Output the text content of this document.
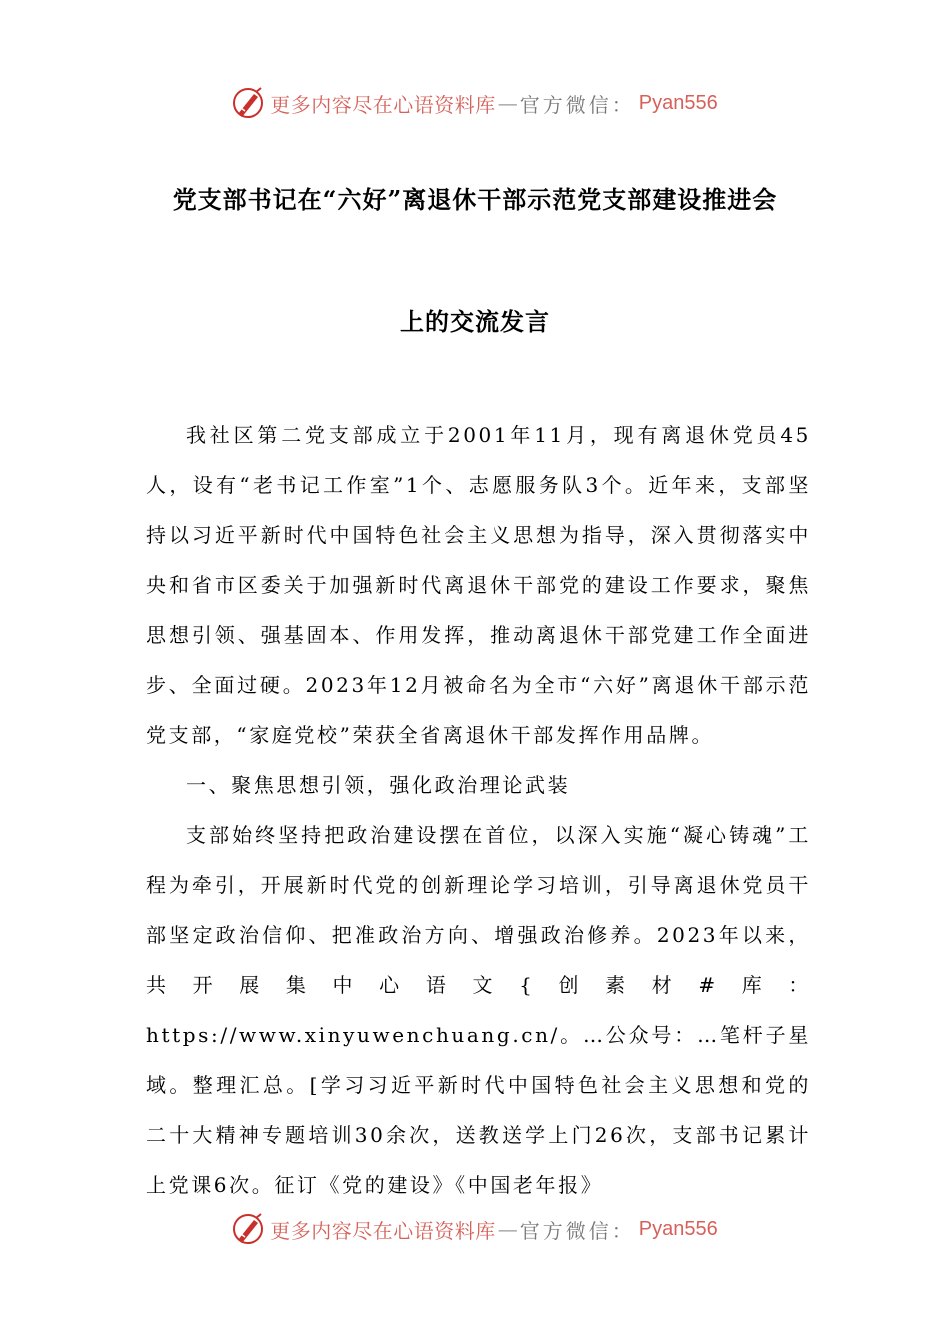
更多内容尽在心语资料库 — 官方微信： Pyan556
党支部书记在“六好”离退休干部示范党支部建设推进会
上的交流发言

我社区第二党支部成立于2001年11月，现有离退休党员45人，设有“老书记工作室”1个、志愿服务队3个。近年来，支部坚持以习近平新时代中国特色社会主义思想为指导，深入贯彻落实中央和省市区委关于加强新时代离退休干部党的建设工作要求，聚焦思想引领、强基固本、作用发挥，推动离退休干部党建工作全面进步、全面过硬。2023年12月被命名为全市“六好”离退休干部示范党支部，“家庭党校”荣获全省离退休干部发挥作用品牌。

一、聚焦思想引领，强化政治理论武装

支部始终坚持把政治建设摆在首位，以深入实施“凝心铸魂”工程为牵引，开展新时代党的创新理论学习培训，引导离退休党员干部坚定政治信仰、把准政治方向、增强政治修养。2023年以来，共开展集中心语文{创素材#库：https://www.xinyuwenchuang.cn/。…公众号：…笔杆子星域。整理汇总。[学习习近平新时代中国特色社会主义思想和党的二十大精神专题培训30余次，送教送学上门26次，支部书记累计上党课6次。征订《党的建设》《中国老年报》

更多内容尽在心语资料库 — 官方微信： Pyan556
